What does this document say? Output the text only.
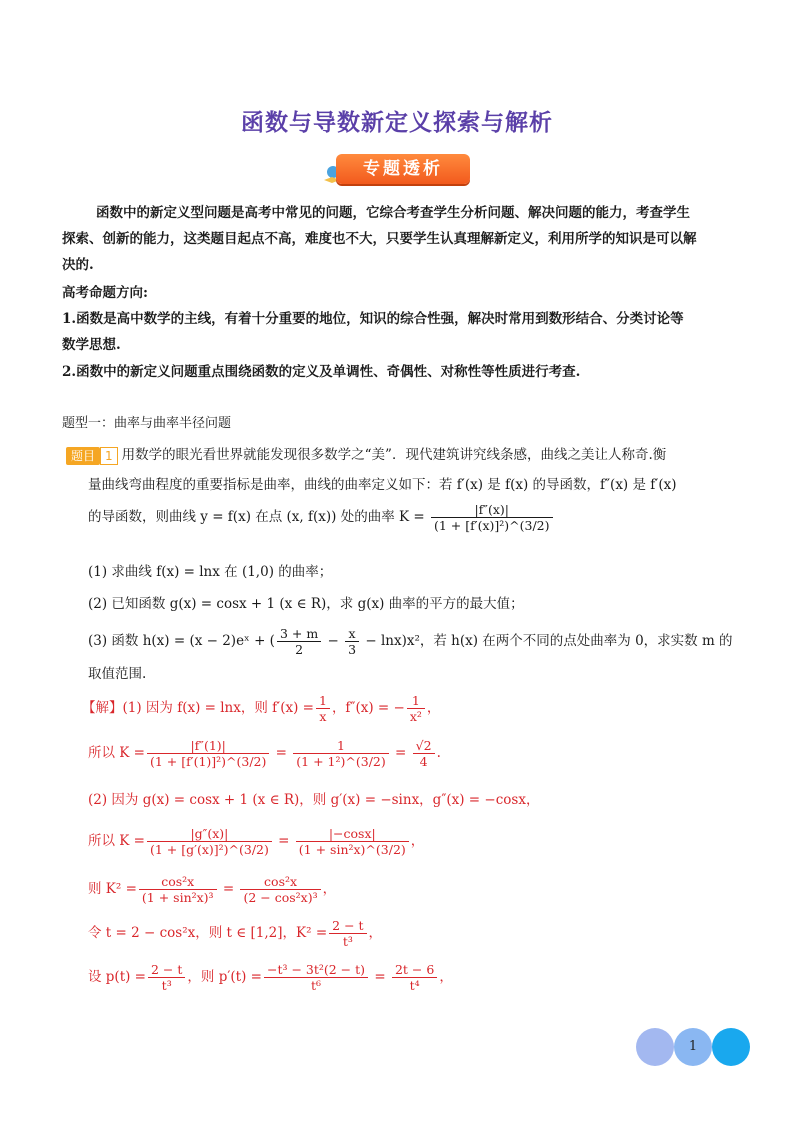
函数与导数新定义探索与解析
专题透析
函数中的新定义型问题是高考中常见的问题，它综合考查学生分析问题、解决问题的能力，考查学生
探索、创新的能力，这类题目起点不高，难度也不大，只要学生认真理解新定义，利用所学的知识是可以解
决的.
高考命题方向:
1.函数是高中数学的主线，有着十分重要的地位，知识的综合性强，解决时常用到数形结合、分类讨论等
数学思想.
2.函数中的新定义问题重点围绕函数的定义及单调性、奇偶性、对称性等性质进行考查.
题型一：曲率与曲率半径问题
题目 1 用数学的眼光看世界就能发现很多数学之“美”．现代建筑讲究线条感，曲线之美让人称奇.衡
量曲线弯曲程度的重要指标是曲率，曲线的曲率定义如下：若 f′(x) 是 f(x) 的导函数，f″(x) 是 f′(x)
的导函数，则曲线 y = f(x) 在点 (x, f(x)) 处的曲率 $K = \frac{|f''(x)|}{\text{(1 + [f′(x)]²)\textasciicircum{}(3/2)}}$
(1) 求曲线 f(x) = lnx 在 (1,0) 的曲率；
(2) 已知函数 g(x) = cosx + 1 (x ∈ R)，求 g(x) 曲率的平方的最大值；
(3) 函数 h(x) = (x − 2)eˣ + ( $\frac{3 + m}{2} - \frac{x}{3} - \ln x)x^2$，若 h(x) 在两个不同的点处曲率为 0，求实数 m 的
取值范围.
【解】(1) 因为 f(x) = lnx，则 $f'(x) = \frac{1}{x}$ ，f″(x) = − $\frac{1}{\text{x²}}$ ，
所以 $K = \frac{|f''(1)|}{\text{(1 + [f′(1)]²)\textasciicircum{}(3/2)}} = \frac{1}{\text{(1 + 1²)\textasciicircum{}(3/2)}} = \frac{√2}{4}$ .
(2) 因为 g(x) = cosx + 1 (x ∈ R)，则 g′(x) = −sinx，g″(x) = −cosx，
所以 $K = \frac{|g''(x)|}{\text{(1 + [g′(x)]²)\textasciicircum{}(3/2)}} = \frac{|-\cos x|}{\text{(1 + sin²x)\textasciicircum{}(3/2)}}$ ，
则 $K^2 = \frac{\text{cos²x}}{\text{(1 + sin²x)³}} = \frac{\text{cos²x}}{\text{(2 − cos²x)³}}$ ，
令 t = 2 − cos²x，则 t ∈ [1,2]，$K^2 = \frac{2 - t}{\text{t³}}$ ，
设 $p(t) = \frac{2 - t}{\text{t³}}$ ，则 $p'(t) = \frac{\text{−t³ − 3t²(2 − t)}}{\text{t⁶}} = \frac{2t - 6}{\text{t⁴}}$ ，
1
